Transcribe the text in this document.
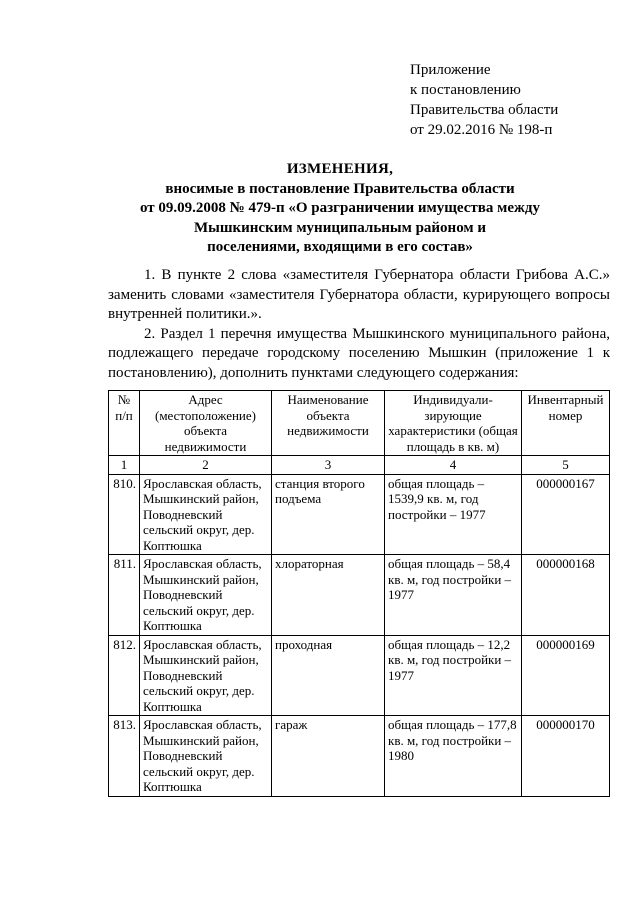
Приложение
к постановлению
Правительства области
от 29.02.2016 № 198-п
ИЗМЕНЕНИЯ,
вносимые в постановление Правительства области
от 09.09.2008 № 479-п «О разграничении имущества между
Мышкинским муниципальным районом и
поселениями, входящими в его состав»

1. В пункте 2 слова «заместителя Губернатора области Грибова А.С.» заменить словами «заместителя Губернатора области, курирующего вопросы внутренней политики.».

2. Раздел 1 перечня имущества Мышкинского муниципального района, подлежащего передаче городскому поселению Мышкин (приложение 1 к постановлению), дополнить пунктами следующего содержания:

№ п/п	Адрес (местоположение) объекта недвижимости	Наименование объекта недвижимости	Индивидуали-зирующие характеристики (общая площадь в кв. м)	Инвентарный номер
1	2	3	4	5
810.	Ярославская область, Мышкинский район, Поводневский сельский округ, дер. Коптюшка	станция второго подъема	общая площадь – 1539,9 кв. м, год постройки – 1977	000000167
811.	Ярославская область, Мышкинский район, Поводневский сельский округ, дер. Коптюшка	хлораторная	общая площадь – 58,4 кв. м, год постройки – 1977	000000168
812.	Ярославская область, Мышкинский район, Поводневский сельский округ, дер. Коптюшка	проходная	общая площадь – 12,2 кв. м, год постройки – 1977	000000169
813.	Ярославская область, Мышкинский район, Поводневский сельский округ, дер. Коптюшка	гараж	общая площадь – 177,8 кв. м, год постройки – 1980	000000170
